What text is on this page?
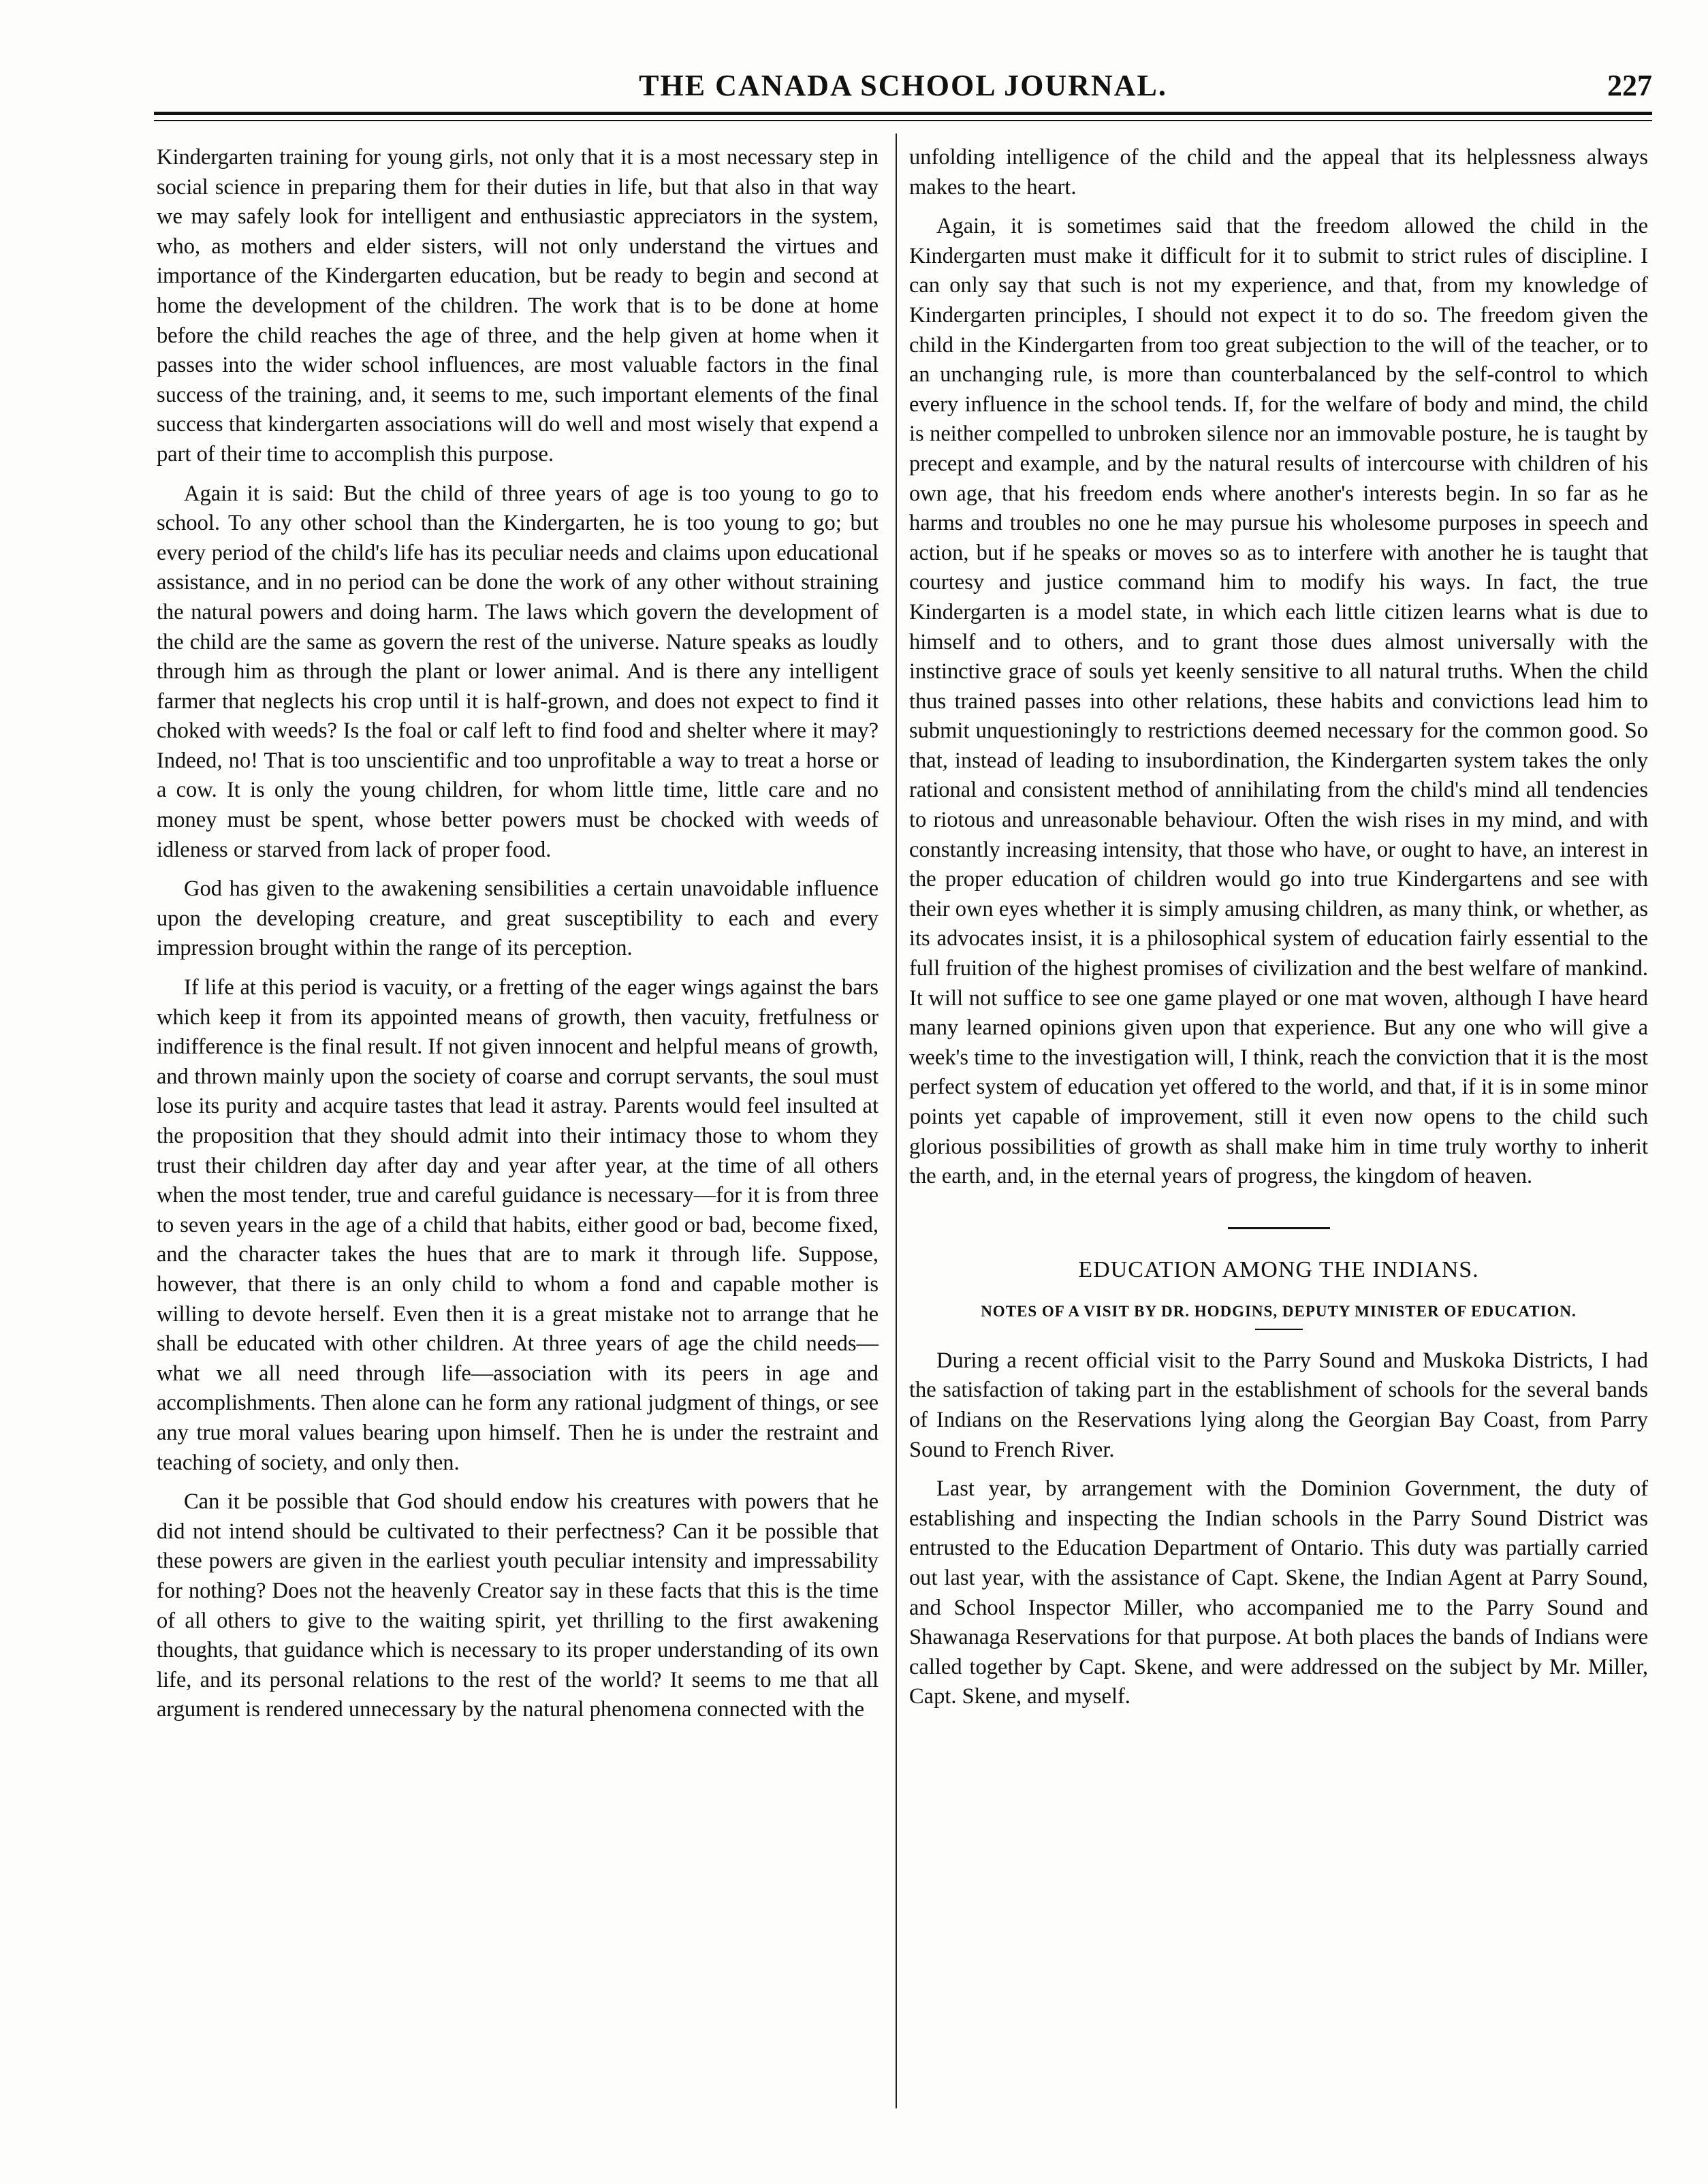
THE CANADA SCHOOL JOURNAL.	227

Kindergarten training for young girls, not only that it is a most necessary step in social science in preparing them for their duties in life, but that also in that way we may safely look for intelligent and enthusiastic appreciators in the system, who, as mothers and elder sisters, will not only understand the virtues and importance of the Kindergarten education, but be ready to begin and second at home the development of the children. The work that is to be done at home before the child reaches the age of three, and the help given at home when it passes into the wider school influences, are most valuable factors in the final success of the training, and, it seems to me, such important elements of the final success that kindergarten associations will do well and most wisely that expend a part of their time to accomplish this purpose.

Again it is said: But the child of three years of age is too young to go to school. To any other school than the Kindergarten, he is too young to go; but every period of the child's life has its peculiar needs and claims upon educational assistance, and in no period can be done the work of any other without straining the natural powers and doing harm. The laws which govern the development of the child are the same as govern the rest of the universe. Nature speaks as loudly through him as through the plant or lower animal. And is there any intelligent farmer that neglects his crop until it is half-grown, and does not expect to find it choked with weeds? Is the foal or calf left to find food and shelter where it may? Indeed, no! That is too unscientific and too unprofitable a way to treat a horse or a cow. It is only the young children, for whom little time, little care and no money must be spent, whose better powers must be chocked with weeds of idleness or starved from lack of proper food.

God has given to the awakening sensibilities a certain unavoidable influence upon the developing creature, and great susceptibility to each and every impression brought within the range of its perception.

If life at this period is vacuity, or a fretting of the eager wings against the bars which keep it from its appointed means of growth, then vacuity, fretfulness or indifference is the final result. If not given innocent and helpful means of growth, and thrown mainly upon the society of coarse and corrupt servants, the soul must lose its purity and acquire tastes that lead it astray. Parents would feel insulted at the proposition that they should admit into their intimacy those to whom they trust their children day after day and year after year, at the time of all others when the most tender, true and careful guidance is necessary—for it is from three to seven years in the age of a child that habits, either good or bad, become fixed, and the character takes the hues that are to mark it through life. Suppose, however, that there is an only child to whom a fond and capable mother is willing to devote herself. Even then it is a great mistake not to arrange that he shall be educated with other children. At three years of age the child needs—what we all need through life—association with its peers in age and accomplishments. Then alone can he form any rational judgment of things, or see any true moral values bearing upon himself. Then he is under the restraint and teaching of society, and only then.

Can it be possible that God should endow his creatures with powers that he did not intend should be cultivated to their perfectness? Can it be possible that these powers are given in the earliest youth peculiar intensity and impressability for nothing? Does not the heavenly Creator say in these facts that this is the time of all others to give to the waiting spirit, yet thrilling to the first awakening thoughts, that guidance which is necessary to its proper understanding of its own life, and its personal relations to the rest of the world? It seems to me that all argument is rendered unnecessary by the natural phenomena connected with the

unfolding intelligence of the child and the appeal that its helplessness always makes to the heart.

Again, it is sometimes said that the freedom allowed the child in the Kindergarten must make it difficult for it to submit to strict rules of discipline. I can only say that such is not my experience, and that, from my knowledge of Kindergarten principles, I should not expect it to do so. The freedom given the child in the Kindergarten from too great subjection to the will of the teacher, or to an unchanging rule, is more than counterbalanced by the self-control to which every influence in the school tends. If, for the welfare of body and mind, the child is neither compelled to unbroken silence nor an immovable posture, he is taught by precept and example, and by the natural results of intercourse with children of his own age, that his freedom ends where another's interests begin. In so far as he harms and troubles no one he may pursue his wholesome purposes in speech and action, but if he speaks or moves so as to interfere with another he is taught that courtesy and justice command him to modify his ways. In fact, the true Kindergarten is a model state, in which each little citizen learns what is due to himself and to others, and to grant those dues almost universally with the instinctive grace of souls yet keenly sensitive to all natural truths. When the child thus trained passes into other relations, these habits and convictions lead him to submit unquestioningly to restrictions deemed necessary for the common good. So that, instead of leading to insubordination, the Kindergarten system takes the only rational and consistent method of annihilating from the child's mind all tendencies to riotous and unreasonable behaviour. Often the wish rises in my mind, and with constantly increasing intensity, that those who have, or ought to have, an interest in the proper education of children would go into true Kindergartens and see with their own eyes whether it is simply amusing children, as many think, or whether, as its advocates insist, it is a philosophical system of education fairly essential to the full fruition of the highest promises of civilization and the best welfare of mankind. It will not suffice to see one game played or one mat woven, although I have heard many learned opinions given upon that experience. But any one who will give a week's time to the investigation will, I think, reach the conviction that it is the most perfect system of education yet offered to the world, and that, if it is in some minor points yet capable of improvement, still it even now opens to the child such glorious possibilities of growth as shall make him in time truly worthy to inherit the earth, and, in the eternal years of progress, the kingdom of heaven.

EDUCATION AMONG THE INDIANS.
NOTES OF A VISIT BY DR. HODGINS, DEPUTY MINISTER OF EDUCATION.

During a recent official visit to the Parry Sound and Muskoka Districts, I had the satisfaction of taking part in the establishment of schools for the several bands of Indians on the Reservations lying along the Georgian Bay Coast, from Parry Sound to French River.

Last year, by arrangement with the Dominion Government, the duty of establishing and inspecting the Indian schools in the Parry Sound District was entrusted to the Education Department of Ontario. This duty was partially carried out last year, with the assistance of Capt. Skene, the Indian Agent at Parry Sound, and School Inspector Miller, who accompanied me to the Parry Sound and Shawanaga Reservations for that purpose. At both places the bands of Indians were called together by Capt. Skene, and were addressed on the subject by Mr. Miller, Capt. Skene, and myself.
